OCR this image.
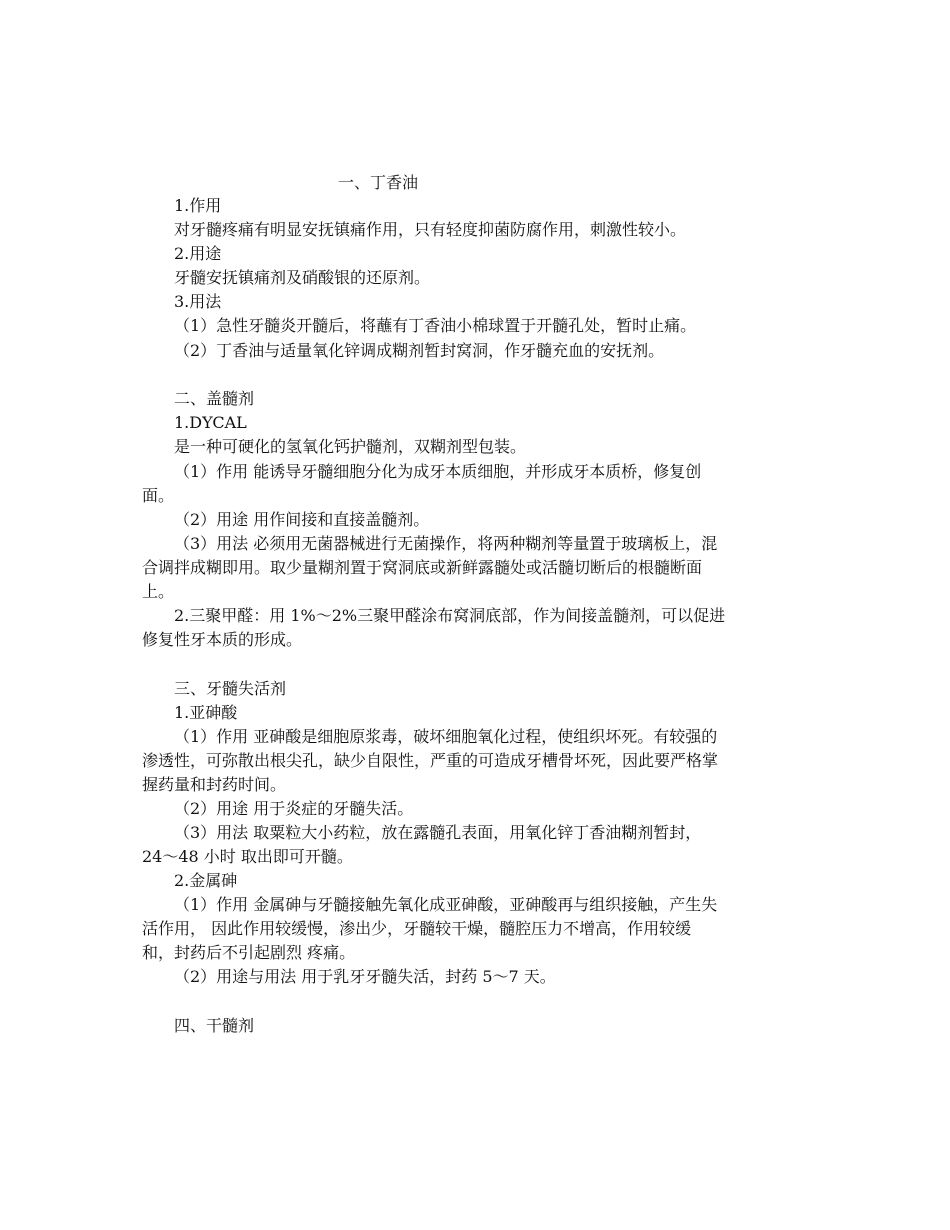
一、丁香油
1.作用
对牙髓疼痛有明显安抚镇痛作用，只有轻度抑菌防腐作用，刺激性较小。
2.用途
牙髓安抚镇痛剂及硝酸银的还原剂。
3.用法
（1）急性牙髓炎开髓后，将蘸有丁香油小棉球置于开髓孔处，暂时止痛。
（2）丁香油与适量氧化锌调成糊剂暂封窝洞，作牙髓充血的安抚剂。
二、盖髓剂
1.DYCAL
是一种可硬化的氢氧化钙护髓剂，双糊剂型包装。
（1）作用 能诱导牙髓细胞分化为成牙本质细胞，并形成牙本质桥，修复创
面。
（2）用途 用作间接和直接盖髓剂。
（3）用法 必须用无菌器械进行无菌操作，将两种糊剂等量置于玻璃板上，混
合调拌成糊即用。取少量糊剂置于窝洞底或新鲜露髓处或活髓切断后的根髓断面
上。
2.三聚甲醛：用 1%～2%三聚甲醛涂布窝洞底部，作为间接盖髓剂，可以促进
修复性牙本质的形成。
三、牙髓失活剂
1.亚砷酸
（1）作用 亚砷酸是细胞原浆毒，破坏细胞氧化过程，使组织坏死。有较强的
渗透性，可弥散出根尖孔，缺少自限性，严重的可造成牙槽骨坏死，因此要严格掌
握药量和封药时间。
（2）用途 用于炎症的牙髓失活。
（3）用法 取粟粒大小药粒，放在露髓孔表面，用氧化锌丁香油糊剂暂封，
24～48 小时 取出即可开髓。
2.金属砷
（1）作用 金属砷与牙髓接触先氧化成亚砷酸，亚砷酸再与组织接触，产生失
活作用， 因此作用较缓慢，渗出少，牙髓较干燥，髓腔压力不增高，作用较缓
和，封药后不引起剧烈 疼痛。
（2）用途与用法 用于乳牙牙髓失活，封药 5～7 天。
四、干髓剂
